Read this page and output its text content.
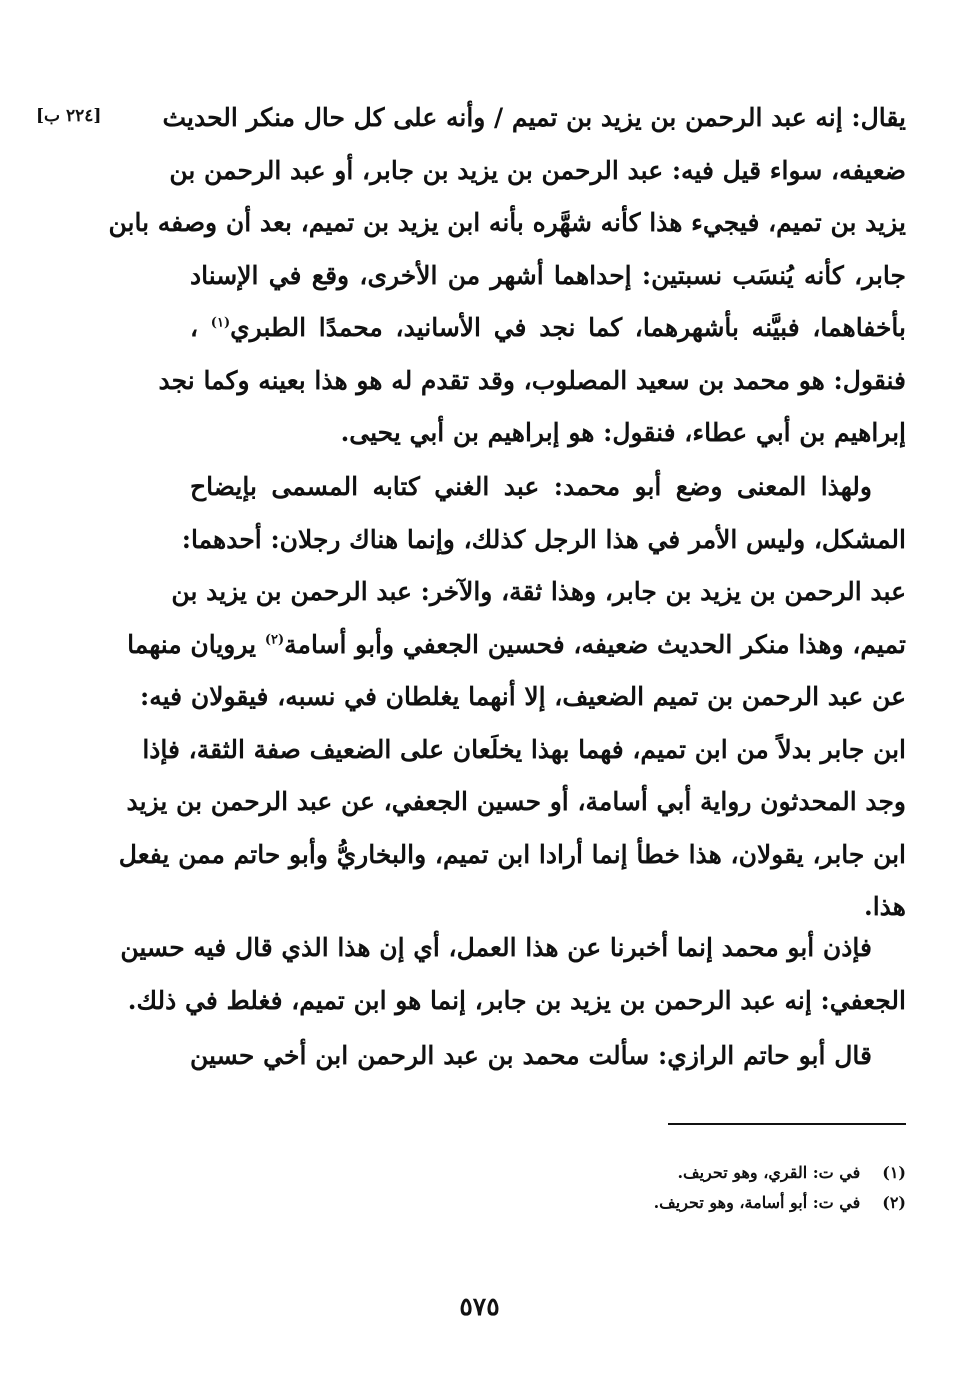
[٢٢٤ ب] يقال: إنه عبد الرحمن بن يزيد بن تميم / وأنه على كل حال منكر الحديث
ضعيفه، سواء قيل فيه: عبد الرحمن بن يزيد بن جابر، أو عبد الرحمن بن
يزيد بن تميم، فيجيء هذا كأنه شهَّره بأنه ابن يزيد بن تميم، بعد أن وصفه بابن
جابر، كأنه يُنسَب نسبتين: إحداهما أشهر من الأخرى، وقع في الإسناد
بأخفاهما، فبيَّنه بأشهرهما، كما نجد في الأسانيد، محمدًا الطبري$^{(١)}$ ،
فنقول: هو محمد بن سعيد المصلوب، وقد تقدم له هو هذا بعينه وكما نجد
إبراهيم بن أبي عطاء، فنقول: هو إبراهيم بن أبي يحيى.
ولهذا المعنى وضع أبو محمد: عبد الغني كتابه المسمى بإيضاح
المشكل، وليس الأمر في هذا الرجل كذلك، وإنما هناك رجلان: أحدهما:
عبد الرحمن بن يزيد بن جابر، وهذا ثقة، والآخر: عبد الرحمن بن يزيد بن
تميم، وهذا منكر الحديث ضعيفه، فحسين الجعفي وأبو أسامة$^{(٢)}$ يرويان منهما
عن عبد الرحمن بن تميم الضعيف، إلا أنهما يغلطان في نسبه، فيقولان فيه:
ابن جابر بدلاً من ابن تميم، فهما بهذا يخلَعان على الضعيف صفة الثقة، فإذا
وجد المحدثون رواية أبي أسامة، أو حسين الجعفي، عن عبد الرحمن بن يزيد
ابن جابر، يقولان، هذا خطأ إنما أرادا ابن تميم، والبخاريُّ وأبو حاتم ممن يفعل
هذا.
فإذن أبو محمد إنما أخبرنا عن هذا العمل، أي إن هذا الذي قال فيه حسين
الجعفي: إنه عبد الرحمن بن يزيد بن جابر، إنما هو ابن تميم، فغلط في ذلك.
قال أبو حاتم الرازي: سألت محمد بن عبد الرحمن ابن أخي حسين
(١)في ت: القري، وهو تحريف.
(٢)في ت: أبو أسامة، وهو تحريف.
٥٧٥
